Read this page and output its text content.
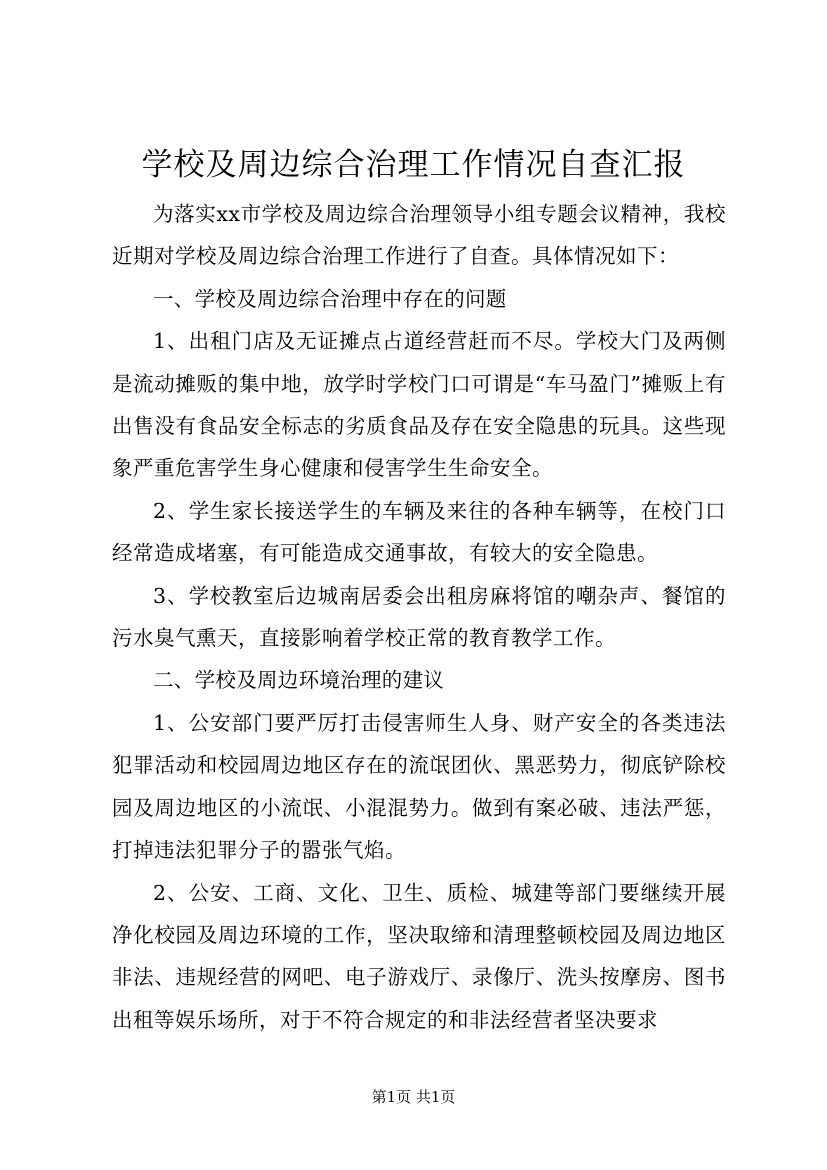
学校及周边综合治理工作情况自查汇报

为落实xx市学校及周边综合治理领导小组专题会议精神，我校近期对学校及周边综合治理工作进行了自查。具体情况如下：

一、学校及周边综合治理中存在的问题

1、出租门店及无证摊点占道经营赶而不尽。学校大门及两侧是流动摊贩的集中地，放学时学校门口可谓是“车马盈门”摊贩上有出售没有食品安全标志的劣质食品及存在安全隐患的玩具。这些现象严重危害学生身心健康和侵害学生生命安全。

2、学生家长接送学生的车辆及来往的各种车辆等，在校门口经常造成堵塞，有可能造成交通事故，有较大的安全隐患。

3、学校教室后边城南居委会出租房麻将馆的嘲杂声、餐馆的污水臭气熏天，直接影响着学校正常的教育教学工作。

二、学校及周边环境治理的建议

1、公安部门要严厉打击侵害师生人身、财产安全的各类违法犯罪活动和校园周边地区存在的流氓团伙、黑恶势力，彻底铲除校园及周边地区的小流氓、小混混势力。做到有案必破、违法严惩，打掉违法犯罪分子的嚣张气焰。

2、公安、工商、文化、卫生、质检、城建等部门要继续开展净化校园及周边环境的工作，坚决取缔和清理整顿校园及周边地区非法、违规经营的网吧、电子游戏厅、录像厅、洗头按摩房、图书出租等娱乐场所，对于不符合规定的和非法经营者坚决要求

第1页 共1页
